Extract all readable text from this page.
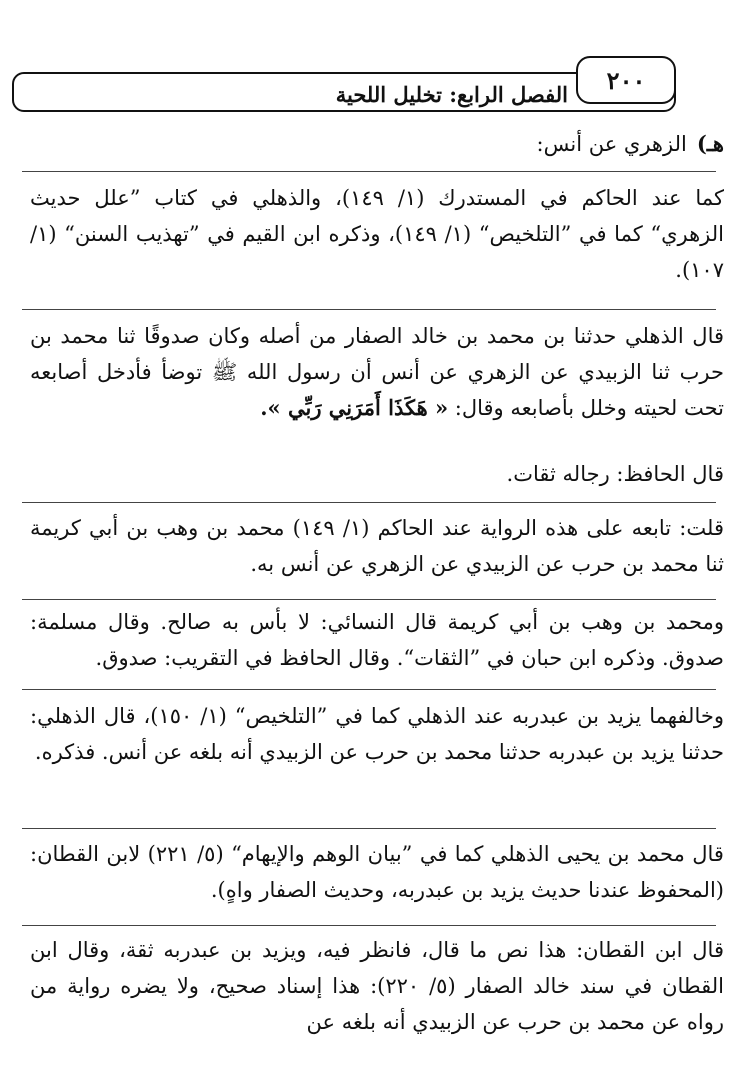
٢٠٠
الفصل الرابع: تخليل اللحية
هـ)الزهري عن أنس:
كما عند الحاكم في المستدرك (١/ ١٤٩)، والذهلي في كتاب ”علل حديث الزهري“ كما في ”التلخيص“ (١/ ١٤٩)، وذكره ابن القيم في ”تهذيب السنن“ (١/ ١٠٧).
قال الذهلي حدثنا بن محمد بن خالد الصفار من أصله وكان صدوقًا ثنا محمد بن حرب ثنا الزبيدي عن الزهري عن أنس أن رسول الله ﷺ توضأ فأدخل أصابعه تحت لحيته وخلل بأصابعه وقال: « هَكَذَا أَمَرَنِي رَبِّي ».
قال الحافظ: رجاله ثقات.
قلت: تابعه على هذه الرواية عند الحاكم (١/ ١٤٩) محمد بن وهب بن أبي كريمة ثنا محمد بن حرب عن الزبيدي عن الزهري عن أنس به.
ومحمد بن وهب بن أبي كريمة قال النسائي: لا بأس به صالح. وقال مسلمة: صدوق. وذكره ابن حبان في ”الثقات“. وقال الحافظ في التقريب: صدوق.
وخالفهما يزيد بن عبدربه عند الذهلي كما في ”التلخيص“ (١/ ١٥٠)، قال الذهلي: حدثنا يزيد بن عبدربه حدثنا محمد بن حرب عن الزبيدي أنه بلغه عن أنس. فذكره.
قال محمد بن يحيى الذهلي كما في ”بيان الوهم والإيهام“ (٥/ ٢٢١) لابن القطان: (المحفوظ عندنا حديث يزيد بن عبدربه، وحديث الصفار واهٍ).
قال ابن القطان: هذا نص ما قال، فانظر فيه، ويزيد بن عبدربه ثقة، وقال ابن القطان في سند خالد الصفار (٥/ ٢٢٠): هذا إسناد صحيح، ولا يضره رواية من رواه عن محمد بن حرب عن الزبيدي أنه بلغه عن
